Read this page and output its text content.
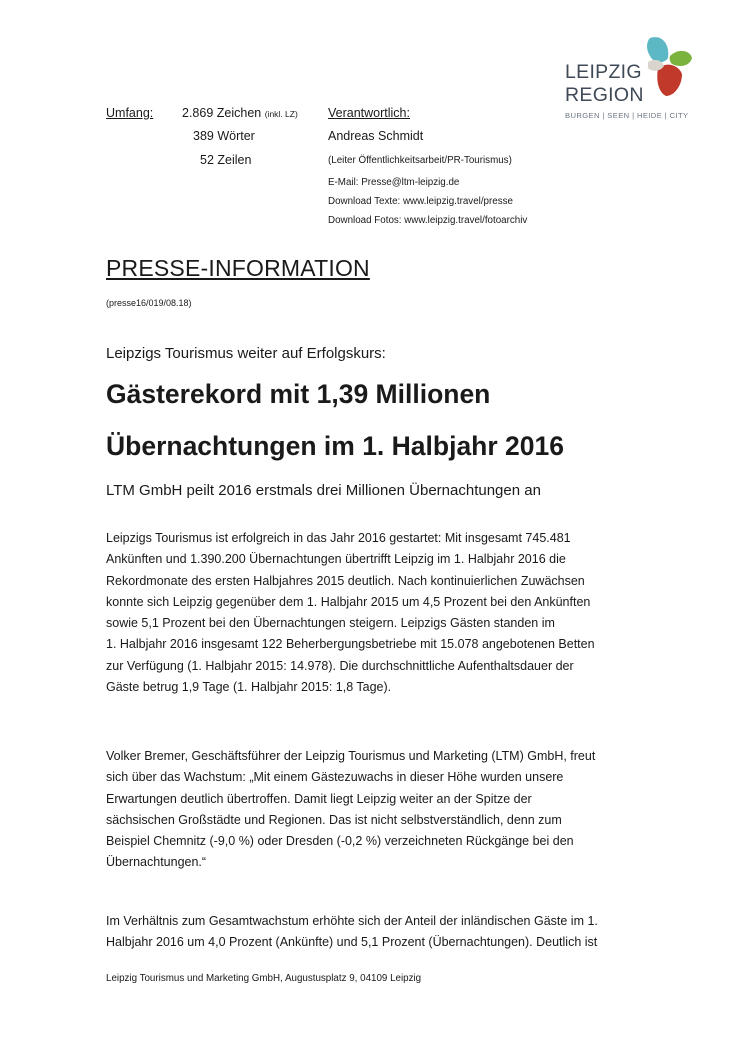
LEIPZIG
REGION
BURGEN | SEEN | HEIDE | CITY
Umfang: 2.869 Zeichen (inkl. LZ)
389 Wörter
52 Zeilen
Verantwortlich:
Andreas Schmidt
(Leiter Öffentlichkeitsarbeit/PR-Tourismus)
E-Mail: Presse@ltm-leipzig.de
Download Texte: www.leipzig.travel/presse
Download Fotos: www.leipzig.travel/fotoarchiv
PRESSE-INFORMATION
(presse16/019/08.18)
Leipzigs Tourismus weiter auf Erfolgskurs:
Gästerekord mit 1,39 Millionen
Übernachtungen im 1. Halbjahr 2016
LTM GmbH peilt 2016 erstmals drei Millionen Übernachtungen an
Leipzigs Tourismus ist erfolgreich in das Jahr 2016 gestartet: Mit insgesamt 745.481
Ankünften und 1.390.200 Übernachtungen übertrifft Leipzig im 1. Halbjahr 2016 die
Rekordmonate des ersten Halbjahres 2015 deutlich. Nach kontinuierlichen Zuwächsen
konnte sich Leipzig gegenüber dem 1. Halbjahr 2015 um 4,5 Prozent bei den Ankünften
sowie 5,1 Prozent bei den Übernachtungen steigern. Leipzigs Gästen standen im
1. Halbjahr 2016 insgesamt 122 Beherbergungsbetriebe mit 15.078 angebotenen Betten
zur Verfügung (1. Halbjahr 2015: 14.978). Die durchschnittliche Aufenthaltsdauer der
Gäste betrug 1,9 Tage (1. Halbjahr 2015: 1,8 Tage).
Volker Bremer, Geschäftsführer der Leipzig Tourismus und Marketing (LTM) GmbH, freut
sich über das Wachstum: „Mit einem Gästezuwachs in dieser Höhe wurden unsere
Erwartungen deutlich übertroffen. Damit liegt Leipzig weiter an der Spitze der
sächsischen Großstädte und Regionen. Das ist nicht selbstverständlich, denn zum
Beispiel Chemnitz (-9,0 %) oder Dresden (-0,2 %) verzeichneten Rückgänge bei den
Übernachtungen.“
Im Verhältnis zum Gesamtwachstum erhöhte sich der Anteil der inländischen Gäste im 1.
Halbjahr 2016 um 4,0 Prozent (Ankünfte) und 5,1 Prozent (Übernachtungen). Deutlich ist
Leipzig Tourismus und Marketing GmbH, Augustusplatz 9, 04109 Leipzig
